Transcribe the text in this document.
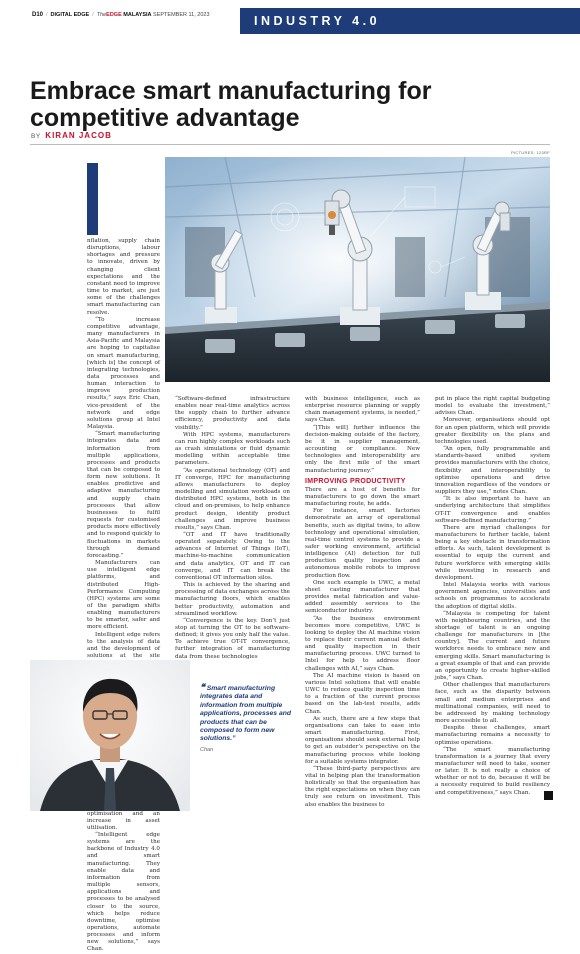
D10 / DIGITAL EDGE / TheEDGE MALAYSIA SEPTEMBER 11, 2023	INDUSTRY 4.0
Embrace smart manufacturing for competitive advantage
BY KIRAN JACOB
PICTURES: 123RF

nflation, supply chain disruptions, labour shortages and pressure to innovate, driven by changing client expectations and the constant need to improve time to market, are just some of the challenges smart manufacturing can resolve.

“To increase competitive advantage, many manufacturers in Asia-Pacific and Malaysia are hoping to capitalise on smart manufacturing, [which is] the concept of integrating technologies, data processes and human interaction to improve production results,” says Eric Chan, vice-president of the network and edge solutions group at Intel Malaysia.

“Smart manufacturing integrates data and information from multiple applications, processes and products that can be composed to form new solutions. It enables predictive and adaptive manufacturing and supply chain processes that allow businesses to fulfil requests for customised products more effectively and to respond quickly to fluctuations in markets through demand forecasting.”

Manufacturers can use intelligent edge platforms, and distributed High-Performance Computing (HPC) systems are some of the paradigm shifts enabling manufacturers to be smarter, safer and more efficient.

Intelligent edge refers to the analysis of data and the development of solutions at the site

optimisation and an increase in asset utilisation.

“Intelligent edge systems are the backbone of Industry 4.0 and smart manufacturing. They enable data and information from multiple sensors, applications and processes to be analysed closer to the source, which helps reduce downtime, optimise operations, automate processes and inform new solutions,” says Chan.

“Software-defined infrastructure enables near real-time analytics across the supply chain to further advance efficiency, productivity and data visibility.”

With HPC systems, manufacturers can run highly complex workloads such as crash simulations or fluid dynamic modelling within acceptable time parameters.

“As operational technology (OT) and IT converge, HPC for manufacturing allows manufacturers to deploy modelling and simulation workloads on distributed HPC systems, both in the cloud and on-premises, to help enhance product design, identify product challenges and improve business results,” says Chan.

“OT and IT have traditionally operated separately. Owing to the advances of Internet of Things (IoT), machine-to-machine communication and data analytics, OT and IT can converge, and IT can break the conventional OT information silos.

This is achieved by the sharing and processing of data exchanges across the manufacturing floors, which enables better productivity, automation and streamlined workflow.

“Convergence is the key. Don’t just stop at turning the OT to be software-defined; it gives you only half the value. To achieve true OT-IT convergence, further integration of manufacturing data from these technologies

with business intelligence, such as enterprise resource planning or supply chain management systems, is needed,” says Chan.

“[This will] further influence the decision-making outside of the factory, be it in supplier management, accounting or compliance. New technologies and interoperability are only the first mile of the smart manufacturing journey.”

IMPROVING PRODUCTIVITY

There are a host of benefits for manufacturers to go down the smart manufacturing route, he adds.

For instance, smart factories demonstrate an array of operational benefits, such as digital twins, to allow technology and operational simulation, real-time control systems to provide a safer working environment, artificial intelligence (AI) detection for full production quality inspection and autonomous mobile robots to improve production flow.

One such example is UWC, a metal sheet casting manufacturer that provides metal fabrication and value-added assembly services to the semiconductor industry.

“As the business environment becomes more competitive, UWC is looking to deploy the AI machine vision to replace their current manual defect and quality inspection in their manufacturing process. UWC turned to Intel for help to address floor challenges with AI,” says Chan.

The AI machine vision is based on various Intel solutions that will enable UWC to reduce quality inspection time to a fraction of the current process based on the lab-test results, adds Chan.

As such, there are a few steps that organisations can take to ease into smart manufacturing. First, organisations should seek external help to get an outsider’s perspective on the manufacturing process while looking for a suitable systems integrator.

“These third-party perspectives are vital in helping plan the transformation holistically so that the organisation has the right expectations on when they can truly see return on investment. This also enables the business to

put in place the right capital budgeting model to evaluate the investment,” advises Chan.

Moreover, organisations should opt for an open platform, which will provide greater flexibility on the plans and technologies used.

“An open, fully programmable and standards-based unified system provides manufacturers with the choice, flexibility and interoperability to optimise operations and drive innovation regardless of the vendors or suppliers they use,” notes Chan.

“It is also important to have an underlying architecture that simplifies OT-IT convergence and enables software-defined manufacturing.”

There are myriad challenges for manufacturers to further tackle, talent being a key obstacle in transformation efforts. As such, talent development is essential to equip the current and future workforce with emerging skills while investing in research and development.

Intel Malaysia works with various government agencies, universities and schools on programmes to accelerate the adoption of digital skills.

“Malaysia is competing for talent with neighbouring countries, and the shortage of talent is an ongoing challenge for manufacturers in [the country]. The current and future workforce needs to embrace new and emerging skills. Smart manufacturing is a great example of that and can provide an opportunity to create higher-skilled jobs,” says Chan.

Other challenges that manufacturers face, such as the disparity between small and medium enterprises and multinational companies, will need to be addressed by making technology more accessible to all.

Despite these challenges, smart manufacturing remains a necessity to optimise operations.

“The smart manufacturing transformation is a journey that every manufacturer will need to take, sooner or later. It is not really a choice of whether or not to do, because it will be a necessity required to build resiliency and competitiveness,” says Chan.

❝ Smart manufacturing integrates data and information from multiple applications, processes and products that can be composed to form new solutions.”
Chan
